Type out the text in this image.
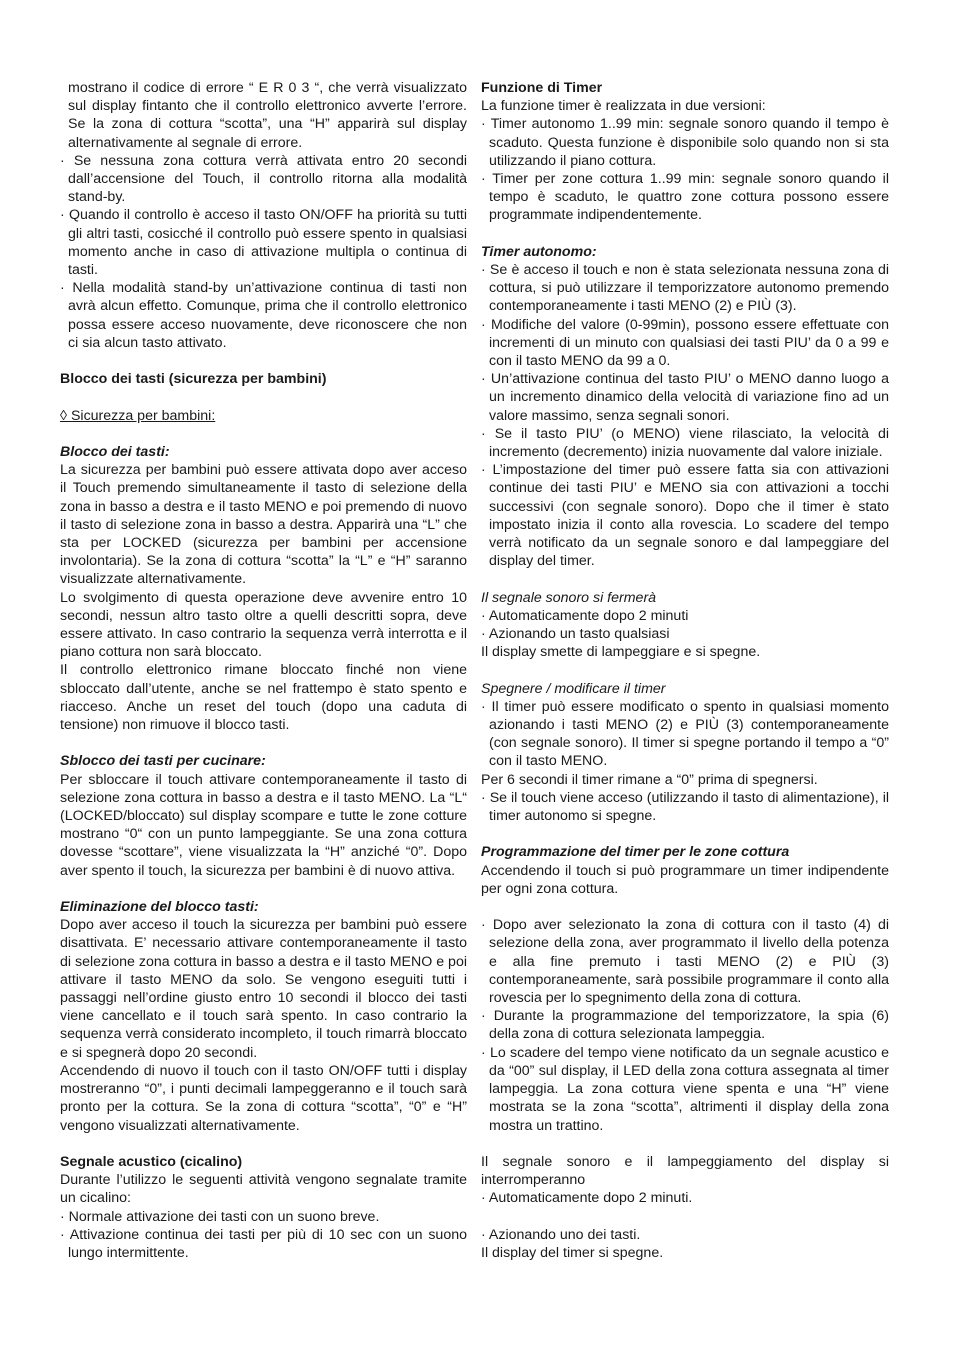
mostrano il codice di errore “ E R 0 3 “, che verrà visualizzato sul display fintanto che il controllo elettronico avverte l’errore. Se la zona di cottura “scotta”, una “H” apparirà sul display alternativamente al segnale di errore.

· Se nessuna zona cottura verrà attivata entro 20 secondi dall’accensione del Touch, il controllo ritorna alla modalità stand-by.

· Quando il controllo è acceso il tasto ON/OFF ha priorità su tutti gli altri tasti, cosicché il controllo può essere spento in qualsiasi momento anche in caso di attivazione multipla o continua di tasti.

· Nella modalità stand-by un’attivazione continua di tasti non avrà alcun effetto. Comunque, prima che il controllo elettronico possa essere acceso nuovamente, deve riconoscere che non ci sia alcun tasto attivato.

Blocco dei tasti (sicurezza per bambini)

◊ Sicurezza per bambini:

Blocco dei tasti:

La sicurezza per bambini può essere attivata dopo aver acceso il Touch premendo simultaneamente il tasto di selezione della zona in basso a destra e il tasto MENO e poi premendo di nuovo il tasto di selezione zona in basso a destra. Apparirà una “L” che sta per LOCKED (sicurezza per bambini per accensione involontaria). Se la zona di cottura “scotta” la “L” e “H” saranno visualizzate alternativamente.

Lo svolgimento di questa operazione deve avvenire entro 10 secondi, nessun altro tasto oltre a quelli descritti sopra, deve essere attivato. In caso contrario la sequenza verrà interrotta e il piano cottura non sarà bloccato.

Il controllo elettronico rimane bloccato finché non viene sbloccato dall’utente, anche se nel frattempo è stato spento e riacceso. Anche un reset del touch (dopo una caduta di tensione) non rimuove il blocco tasti.

Sblocco dei tasti per cucinare:

Per sbloccare il touch attivare contemporaneamente il tasto di selezione zona cottura in basso a destra e il tasto MENO. La “L“ (LOCKED/bloccato) sul display scompare e tutte le zone cotture mostrano “0“ con un punto lampeggiante. Se una zona cottura dovesse “scottare”, viene visualizzata la “H” anziché “0”. Dopo aver spento il touch, la sicurezza per bambini è di nuovo attiva.

Eliminazione del blocco tasti:

Dopo aver acceso il touch la sicurezza per bambini può essere disattivata. E’ necessario attivare contemporaneamente il tasto di selezione zona cottura in basso a destra e il tasto MENO e poi attivare il tasto MENO da solo. Se vengono eseguiti tutti i passaggi nell’ordine giusto entro 10 secondi il blocco dei tasti viene cancellato e il touch sarà spento. In caso contrario la sequenza verrà considerato incompleto, il touch rimarrà bloccato e si spegnerà dopo 20 secondi.

Accendendo di nuovo il touch con il tasto ON/OFF tutti i display mostreranno “0”, i punti decimali lampeggeranno e il touch sarà pronto per la cottura. Se la zona di cottura “scotta”, “0” e “H” vengono visualizzati alternativamente.

Segnale acustico (cicalino)

Durante l’utilizzo le seguenti attività vengono segnalate tramite un cicalino:

· Normale attivazione dei tasti con un suono breve.

· Attivazione continua dei tasti per più di 10 sec con un suono lungo intermittente.

Funzione di Timer

La funzione timer è realizzata in due versioni:

· Timer autonomo 1..99 min: segnale sonoro quando il tempo è scaduto. Questa funzione è disponibile solo quando non si sta utilizzando il piano cottura.

· Timer per zone cottura 1..99 min: segnale sonoro quando il tempo è scaduto, le quattro zone cottura possono essere programmate indipendentemente.

Timer autonomo:

· Se è acceso il touch e non è stata selezionata nessuna zona di cottura, si può utilizzare il temporizzatore autonomo premendo contemporaneamente i tasti MENO (2) e PIÙ (3).

· Modifiche del valore (0-99min), possono essere effettuate con incrementi di un minuto con qualsiasi dei tasti PIU’ da 0 a 99 e con il tasto MENO da 99 a 0.

· Un’attivazione continua del tasto PIU’ o MENO danno luogo a un incremento dinamico della velocità di variazione fino ad un valore massimo, senza segnali sonori.

· Se il tasto PIU’ (o MENO) viene rilasciato, la velocità di incremento (decremento) inizia nuovamente dal valore iniziale.

· L’impostazione del timer può essere fatta sia con attivazioni continue dei tasti PIU’ e MENO sia con attivazioni a tocchi successivi (con segnale sonoro). Dopo che il timer è stato impostato inizia il conto alla rovescia. Lo scadere del tempo verrà notificato da un segnale sonoro e dal lampeggiare del display del timer.

Il segnale sonoro si fermerà

· Automaticamente dopo 2 minuti

· Azionando un tasto qualsiasi

Il display smette di lampeggiare e si spegne.

Spegnere / modificare il timer

· Il timer può essere modificato o spento in qualsiasi momento azionando i tasti MENO (2) e PIÙ (3) contemporaneamente (con segnale sonoro). Il timer si spegne portando il tempo a “0” con il tasto MENO.

Per 6 secondi il timer rimane a “0” prima di spegnersi.

· Se il touch viene acceso (utilizzando il tasto di alimentazione), il timer autonomo si spegne.

Programmazione del timer per le zone cottura

Accendendo il touch si può programmare un timer indipendente per ogni zona cottura.

· Dopo aver selezionato la zona di cottura con il tasto (4) di selezione della zona, aver programmato il livello della potenza e alla fine premuto i tasti MENO (2) e PIÙ (3) contemporaneamente, sarà possibile programmare il conto alla rovescia per lo spegnimento della zona di cottura.

· Durante la programmazione del temporizzatore, la spia (6) della zona di cottura selezionata lampeggia.

· Lo scadere del tempo viene notificato da un segnale acustico e da “00” sul display, il LED della zona cottura assegnata al timer lampeggia. La zona cottura viene spenta e una “H” viene mostrata se la zona “scotta”, altrimenti il display della zona mostra un trattino.

Il segnale sonoro e il lampeggiamento del display si interromperanno

· Automaticamente dopo 2 minuti.

· Azionando uno dei tasti.

Il display del timer si spegne.
